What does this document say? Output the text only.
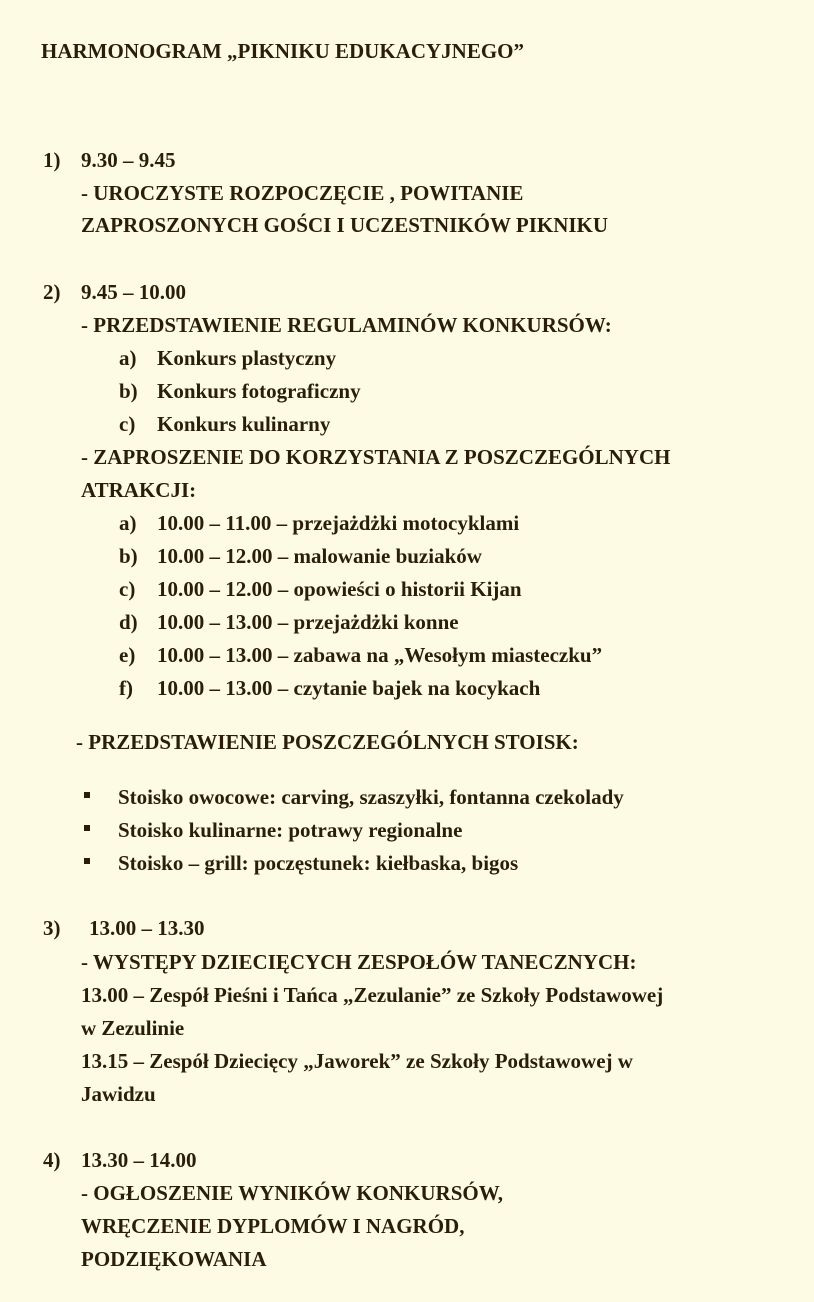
HARMONOGRAM „PIKNIKU EDUKACYJNEGO”
1) 9.30 – 9.45
- UROCZYSTE ROZPOCZĘCIE , POWITANIE
ZAPROSZONYCH GOŚCI I UCZESTNIKÓW PIKNIKU
2) 9.45 – 10.00
- PRZEDSTAWIENIE REGULAMINÓW KONKURSÓW:
a) Konkurs plastyczny
b) Konkurs fotograficzny
c) Konkurs kulinarny
- ZAPROSZENIE DO KORZYSTANIA Z POSZCZEGÓLNYCH
ATRAKCJI:
a) 10.00 – 11.00 – przejażdżki motocyklami
b) 10.00 – 12.00 – malowanie buziaków
c) 10.00 – 12.00 – opowieści o historii Kijan
d) 10.00 – 13.00 – przejażdżki konne
e) 10.00 – 13.00 – zabawa na „Wesołym miasteczku”
f) 10.00 – 13.00 – czytanie bajek na kocykach
- PRZEDSTAWIENIE POSZCZEGÓLNYCH STOISK:
Stoisko owocowe: carving, szaszyłki, fontanna czekolady
Stoisko kulinarne: potrawy regionalne
Stoisko – grill: poczęstunek: kiełbaska, bigos
3) 13.00 – 13.30
- WYSTĘPY DZIECIĘCYCH ZESPOŁÓW TANECZNYCH:
13.00 – Zespół Pieśni i Tańca „Zezulanie” ze Szkoły Podstawowej
w Zezulinie
13.15 – Zespół Dziecięcy „Jaworek” ze Szkoły Podstawowej w
Jawidzu
4) 13.30 – 14.00
- OGŁOSZENIE WYNIKÓW KONKURSÓW,
WRĘCZENIE DYPLOMÓW I NAGRÓD,
PODZIĘKOWANIA
